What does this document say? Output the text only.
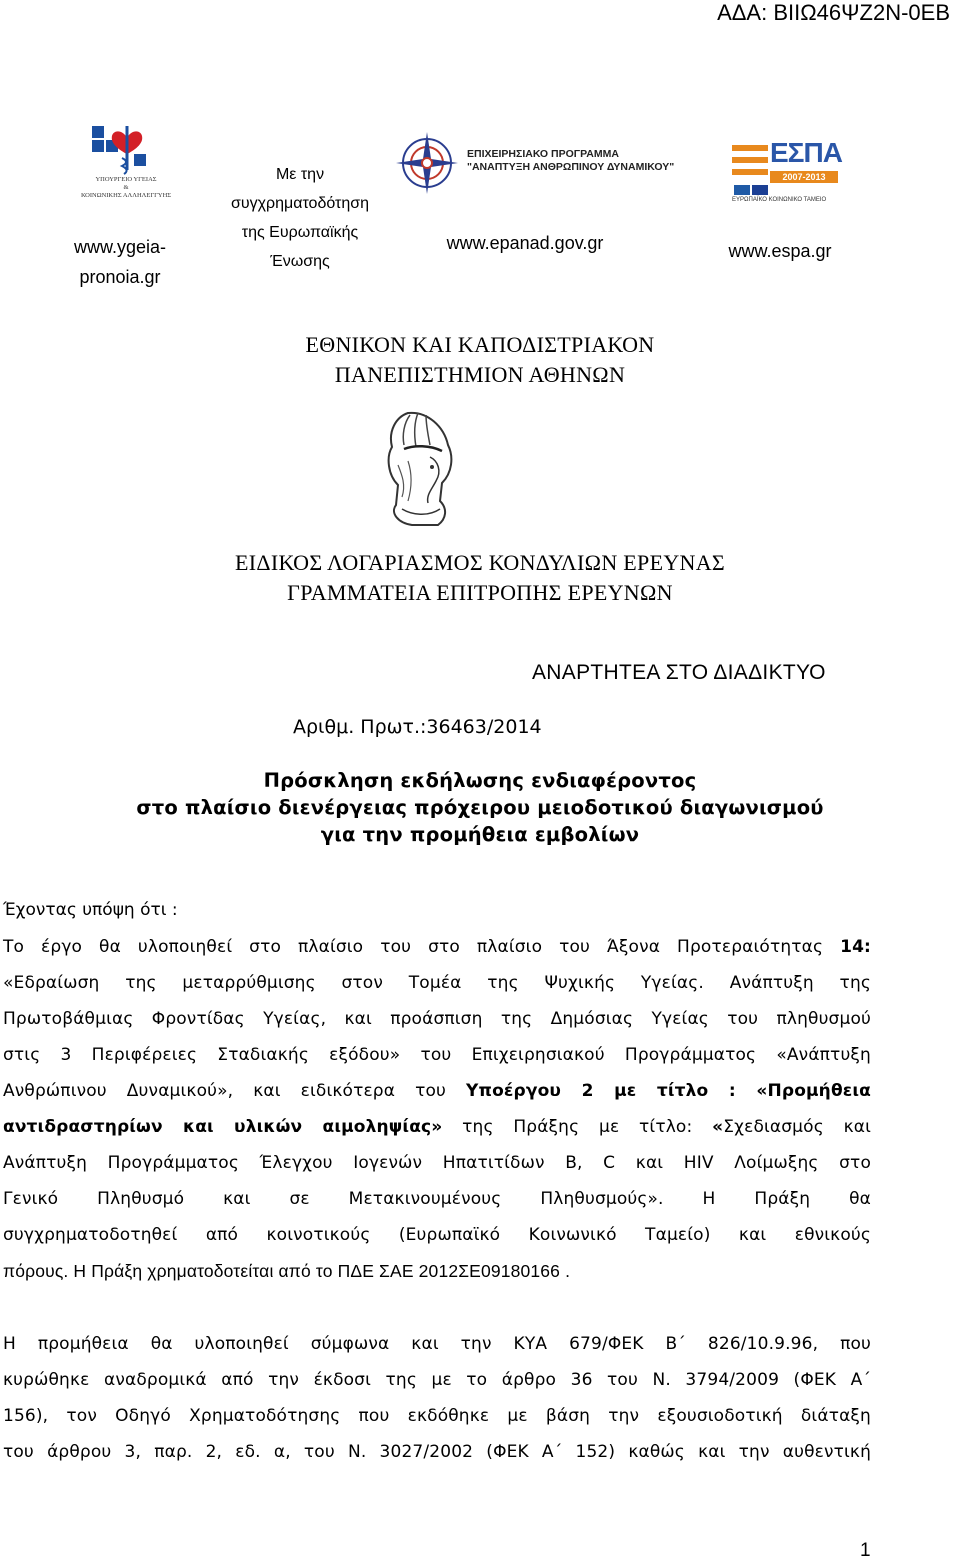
ΑΔΑ: ΒΙΙΩ46ΨΖ2Ν-0ΕΒ
ΥΠΟΥΡΓΕΙΟ ΥΓΕΙΑΣ
&
ΚΟΙΝΩΝΙΚΗΣ ΑΛΛΗΛΕΓΓΥΗΣ
www.ygeia-
pronoia.gr
Με την
συγχρηματοδότηση
της Ευρωπαϊκής
Ένωσης
ΕΠΙΧΕΙΡΗΣΙΑΚΟ ΠΡΟΓΡΑΜΜΑ
"ΑΝΑΠΤΥΞΗ ΑΝΘΡΩΠΙΝΟΥ ΔΥΝΑΜΙΚΟΥ"
www.epanad.gov.gr
ΕΣΠΑ
2007-2013
ΕΥΡΩΠΑΪΚΟ ΚΟΙΝΩΝΙΚΟ ΤΑΜΕΙΟ
www.espa.gr
ΕΘΝΙΚΟΝ ΚΑΙ ΚΑΠΟΔΙΣΤΡΙΑΚΟΝ
ΠΑΝΕΠΙΣΤΗΜΙΟΝ ΑΘΗΝΩΝ
ΕΙΔΙΚΟΣ ΛΟΓΑΡΙΑΣΜΟΣ ΚΟΝΔΥΛΙΩΝ ΕΡΕΥΝΑΣ
ΓΡΑΜΜΑΤΕΙΑ ΕΠΙΤΡΟΠΗΣ ΕΡΕΥΝΩΝ
ΑΝΑΡΤΗΤΕΑ ΣΤΟ ΔΙΑΔΙΚΤΥΟ
Αριθμ. Πρωτ.:36463/2014
Πρόσκληση εκδήλωσης ενδιαφέροντος
στο πλαίσιο διενέργειας πρόχειρου μειοδοτικού διαγωνισμού
για την προμήθεια εμβολίων
Έχοντας υπόψη ότι :
Το έργο θα υλοποιηθεί στο πλαίσιο του στο πλαίσιο του Άξονα Προτεραιότητας 14:
«Εδραίωση της μεταρρύθμισης στον Τομέα της Ψυχικής Υγείας. Ανάπτυξη της
Πρωτοβάθμιας Φροντίδας Υγείας, και προάσπιση της Δημόσιας Υγείας του πληθυσμού
στις 3 Περιφέρειες Σταδιακής εξόδου» του Επιχειρησιακού Προγράμματος «Ανάπτυξη
Ανθρώπινου Δυναμικού», και ειδικότερα του Υποέργου 2 με τίτλο : «Προμήθεια
αντιδραστηρίων και υλικών αιμοληψίας» της Πράξης με τίτλο: «Σχεδιασμός και
Ανάπτυξη Προγράμματος Έλεγχου Ιογενών Ηπατιτίδων Β, C και HIV Λοίμωξης στο
Γενικό Πληθυσμό και σε Μετακινουμένους Πληθυσμούς». Η Πράξη θα
συγχρηματοδοτηθεί από κοινοτικούς (Ευρωπαϊκό Κοινωνικό Ταμείο) και εθνικούς
πόρους. Η Πράξη χρηματοδοτείται από το ΠΔΕ ΣΑΕ 2012ΣΕ09180166 .
Η προμήθεια θα υλοποιηθεί σύμφωνα και την ΚΥΑ 679/ΦΕΚ Β΄ 826/10.9.96, που
κυρώθηκε αναδρομικά από την έκδοσι της με το άρθρο 36 του Ν. 3794/2009 (ΦΕΚ Α΄
156), τον Οδηγό Χρηματοδότησης που εκδόθηκε με βάση την εξουσιοδοτική διάταξη
του άρθρου 3, παρ. 2, εδ. α, του Ν. 3027/2002 (ΦΕΚ Α΄ 152) καθώς και την αυθεντική
1
